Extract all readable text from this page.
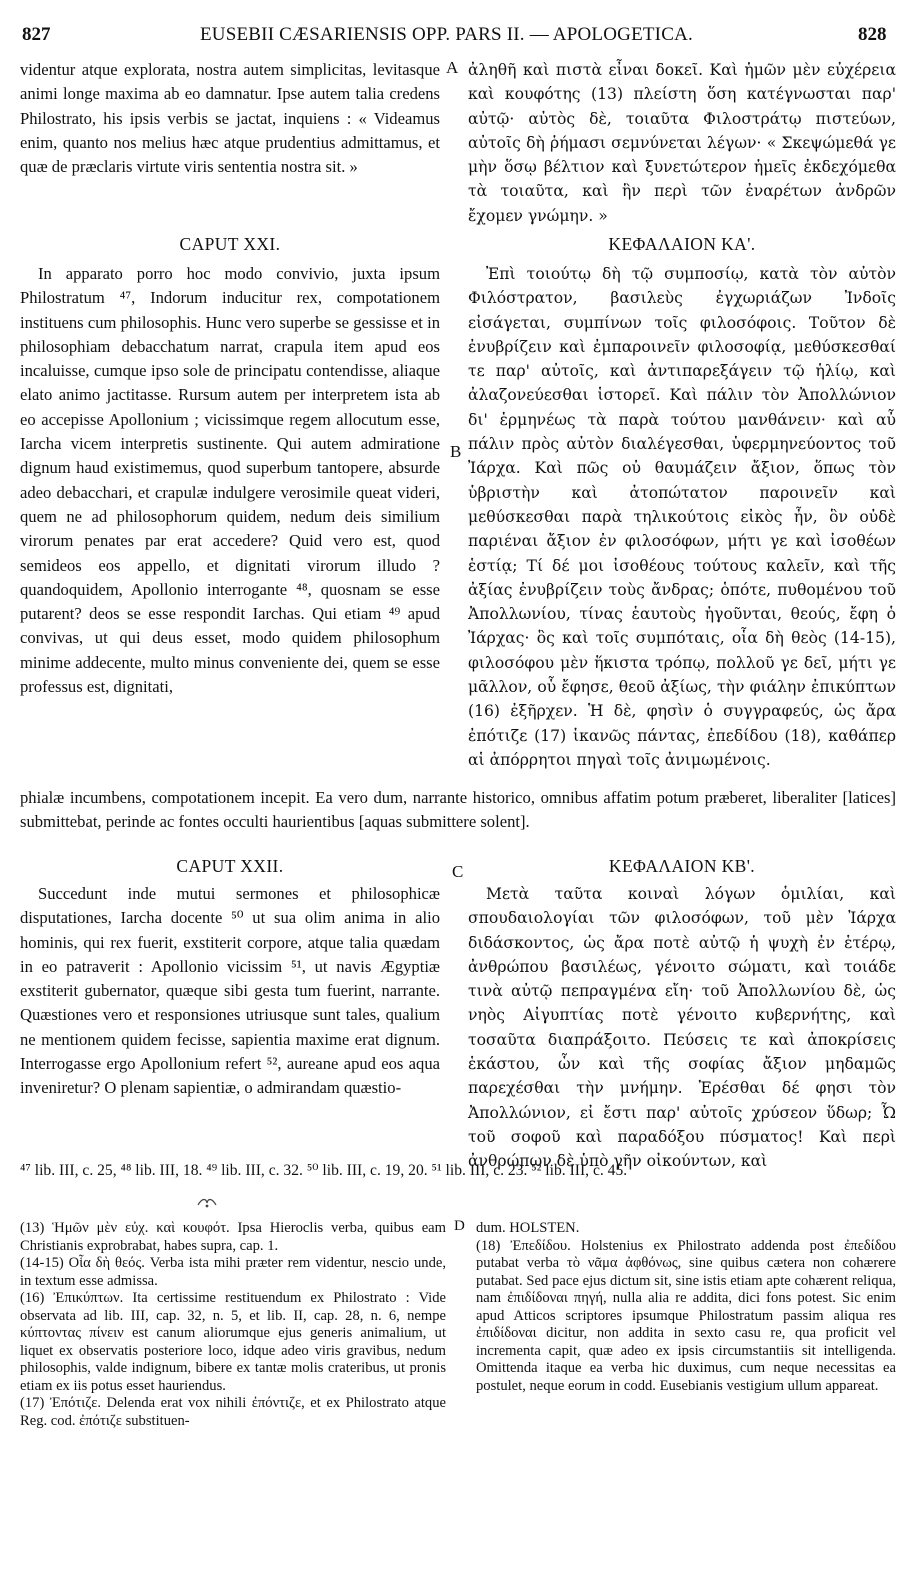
827	EUSEBII CÆSARIENSIS OPP. PARS II. — APOLOGETICA.	828

videntur atque explorata, nostra autem simplicitas, levitasque animi longe maxima ab eo damnatur. Ipse autem talia credens Philostrato, his ipsis verbis se jactat, inquiens : « Videamus enim, quanto nos melius hæc atque prudentius admittamus, et quæ de præclaris virtute viris sententia nostra sit. »

A ἀληθῆ καὶ πιστὰ εἶναι δοκεῖ. Καὶ ἡμῶν μὲν εὐχέρεια καὶ κουφότης (13) πλείστη ὅση κατέγνωσται παρ' αὐτῷ· αὐτὸς δὲ, τοιαῦτα Φιλοστράτῳ πιστεύων, αὐτοῖς δὴ ῥήμασι σεμνύνεται λέγων· « Σκεψώμεθά γε μὴν ὅσῳ βέλτιον καὶ ξυνετώτερον ἡμεῖς ἐκδεχόμεθα τὰ τοιαῦτα, καὶ ἣν περὶ τῶν ἐναρέτων ἀνδρῶν ἔχομεν γνώμην. »

CAPUT XXI.	ΚΕΦΑΛΑΙΟΝ ΚΑ'.

In apparato porro hoc modo convivio, juxta ipsum Philostratum ⁴⁷, Indorum inducitur rex, compotationem instituens cum philosophis. Hunc vero superbe se gessisse et in philosophiam debacchatum narrat, crapula item apud eos incaluisse, cumque ipso sole de principatu contendisse, aliaque elato animo jactitasse. Rursum autem per interpretem ista ab eo accepisse Apollonium ; vicissimque regem allocutum esse, Iarcha vicem interpretis sustinente. Qui autem admiratione dignum haud existimemus, quod superbum tantopere, absurde adeo debacchari, et crapulæ indulgere verosimile queat videri, quem ne ad philosophorum quidem, nedum deis similium virorum penates par erat accedere? Quid vero est, quod semideos eos appello, et dignitati virorum illudo ? quandoquidem, Apollonio interrogante ⁴⁸, quosnam se esse putarent? deos se esse respondit Iarchas. Qui etiam ⁴⁹ apud convivas, ut qui deus esset, modo quidem philosophum minime addecente, multo minus conveniente dei, quem se esse professus est, dignitati,

B

Ἐπὶ τοιούτῳ δὴ τῷ συμποσίῳ, κατὰ τὸν αὐτὸν Φιλόστρατον, βασιλεὺς ἐγχωριάζων Ἰνδοῖς εἰσάγεται, συμπίνων τοῖς φιλοσόφοις. Τοῦτον δὲ ἐνυβρίζειν καὶ ἐμπαροινεῖν φιλοσοφίᾳ, μεθύσκεσθαί τε παρ' αὐτοῖς, καὶ ἀντιπαρεξάγειν τῷ ἡλίῳ, καὶ ἀλαζονεύεσθαι ἱστορεῖ. Καὶ πάλιν τὸν Ἀπολλώνιον δι' ἑρμηνέως τὰ παρὰ τούτου μανθάνειν· καὶ αὖ πάλιν πρὸς αὐτὸν διαλέγεσθαι, ὑφερμηνεύοντος τοῦ Ἰάρχα. Καὶ πῶς οὐ θαυμάζειν ἄξιον, ὅπως τὸν ὑβριστὴν καὶ ἀτοπώτατον παροινεῖν καὶ μεθύσκεσθαι παρὰ τηλικούτοις εἰκὸς ἦν, ὃν οὐδὲ παριέναι ἄξιον ἐν φιλοσόφων, μήτι γε καὶ ἰσοθέων ἑστίᾳ; Τί δέ μοι ἰσοθέους τούτους καλεῖν, καὶ τῆς ἀξίας ἐνυβρίζειν τοὺς ἄνδρας; ὁπότε, πυθομένου τοῦ Ἀπολλωνίου, τίνας ἑαυτοὺς ἡγοῦνται, θεούς, ἔφη ὁ Ἰάρχας· ὃς καὶ τοῖς συμπόταις, οἷα δὴ θεὸς (14-15), φιλοσόφου μὲν ἥκιστα τρόπῳ, πολλοῦ γε δεῖ, μήτι γε μᾶλλον, οὗ ἔφησε, θεοῦ ἀξίως, τὴν φιάλην ἐπικύπτων (16) ἐξῆρχεν. Ἡ δὲ, φησὶν ὁ συγγραφεύς, ὡς ἄρα ἐπότιζε (17) ἱκανῶς πάντας, ἐπεδίδου (18), καθάπερ αἱ ἀπόρρητοι πηγαὶ τοῖς ἀνιμωμένοις.

phialæ incumbens, compotationem incepit. Ea vero dum, narrante historico, omnibus affatim potum præberet, liberaliter [latices] submittebat, perinde ac fontes occulti haurientibus [aquas submittere solent].
CAPUT XXII.	C	ΚΕΦΑΛΑΙΟΝ ΚΒ'.

Succedunt inde mutui sermones et philosophicæ disputationes, Iarcha docente ⁵⁰ ut sua olim anima in alio hominis, qui rex fuerit, exstiterit corpore, atque talia quædam in eo patraverit : Apollonio vicissim ⁵¹, ut navis Ægyptiæ exstiterit gubernator, quæque sibi gesta tum fuerint, narrante. Quæstiones vero et responsiones utriusque sunt tales, qualium ne mentionem quidem fecisse, sapientia maxime erat dignum. Interrogasse ergo Apollonium refert ⁵², aureane apud eos aqua inveniretur? O plenam sapientiæ, o admirandam quæstio-

Μετὰ ταῦτα κοιναὶ λόγων ὁμιλίαι, καὶ σπουδαιολογίαι τῶν φιλοσόφων, τοῦ μὲν Ἰάρχα διδάσκοντος, ὡς ἄρα ποτὲ αὐτῷ ἡ ψυχὴ ἐν ἑτέρῳ, ἀνθρώπου βασιλέως, γένοιτο σώματι, καὶ τοιάδε τινὰ αὐτῷ πεπραγμένα εἴη· τοῦ Ἀπολλωνίου δὲ, ὡς νηὸς Αἰγυπτίας ποτὲ γένοιτο κυβερνήτης, καὶ τοσαῦτα διαπράξοιτο. Πεύσεις τε καὶ ἀποκρίσεις ἑκάστου, ὧν καὶ τῆς σοφίας ἄξιον μηδαμῶς παρεχέσθαι τὴν μνήμην. Ἐρέσθαι δέ φησι τὸν Ἀπολλώνιον, εἰ ἔστι παρ' αὐτοῖς χρύσεον ὕδωρ; Ὦ τοῦ σοφοῦ καὶ παραδόξου πύσματος! Καὶ περὶ ἀνθρώπων δὲ ὑπὸ γῆν οἰκούντων, καὶ

⁴⁷ lib. III, c. 25, ⁴⁸ lib. III, 18. ⁴⁹ lib. III, c. 32. ⁵⁰ lib. III, c. 19, 20. ⁵¹ lib. III, c. 23. ⁵² lib. III, c. 45.

(13) Ἡμῶν μὲν εὐχ. καὶ κουφότ. Ipsa Hieroclis verba, quibus eam Christianis exprobrabat, habes supra, cap. 1.

(14-15) Οἷα δὴ θεός. Verba ista mihi præter rem videntur, nescio unde, in textum esse admissa.

(16) Ἐπικύπτων. Ita certissime restituendum ex Philostrato : Vide observata ad lib. III, cap. 32, n. 5, et lib. II, cap. 28, n. 6, nempe κύπτοντας πίνειν est canum aliorumque ejus generis animalium, ut liquet ex observatis posteriore loco, idque adeo viris gravibus, nedum philosophis, valde indignum, bibere ex tantæ molis crateribus, ut pronis etiam ex iis potus esset hauriendus.

(17) Ἐπότιζε. Delenda erat vox nihili ἐπόντιζε, et ex Philostrato atque Reg. cod. ἐπότιζε substituen-

D dum. HOLSTEN.

(18) Ἐπεδίδου. Holstenius ex Philostrato addenda post ἐπεδίδου putabat verba τὸ νᾶμα ἀφθόνως, sine quibus cætera non cohærere putabat. Sed pace ejus dictum sit, sine istis etiam apte cohærent reliqua, nam ἐπιδίδοναι πηγή, nulla alia re addita, dici fons potest. Sic enim apud Atticos scriptores ipsumque Philostratum passim aliqua res ἐπιδίδοναι dicitur, non addita in sexto casu re, qua proficit vel incrementa capit, quæ adeo ex ipsis circumstantiis sit intelligenda. Omittenda itaque ea verba hic duximus, cum neque necessitas ea postulet, neque eorum in codd. Eusebianis vestigium ullum appareat.
